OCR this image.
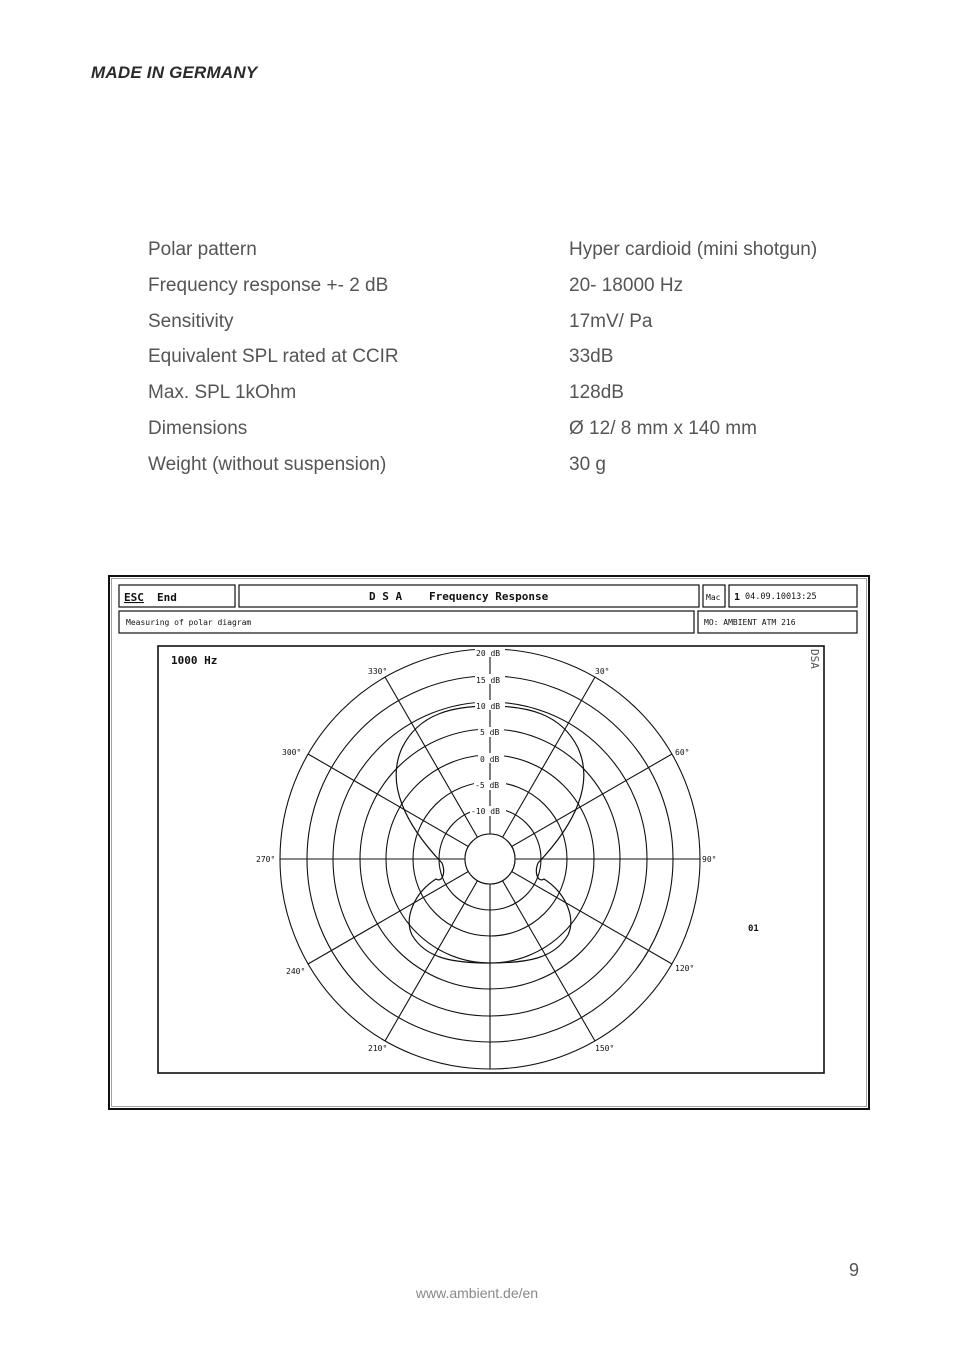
MADE IN GERMANY
Polar pattern	Hyper cardioid (mini shotgun)
Frequency response +- 2 dB	20- 18000 Hz
Sensitivity	17mV/ Pa
Equivalent SPL rated at CCIR	33dB
Max. SPL 1kOhm	128dB
Dimensions	Ø 12/ 8 mm x 140 mm
Weight (without suspension)	30 g
ESC End	D S A Frequency Response	Mac 1 04.09.10013:25
Measuring of polar diagram	MO: AMBIENT ATM 216
1000 Hz	DSA
01
20 dB
15 dB
10 dB
5 dB
0 dB
-5 dB
-10 dB
30°
60°
90°
120°
150°
210°
240°
270°
300°
330°
9
www.ambient.de/en
